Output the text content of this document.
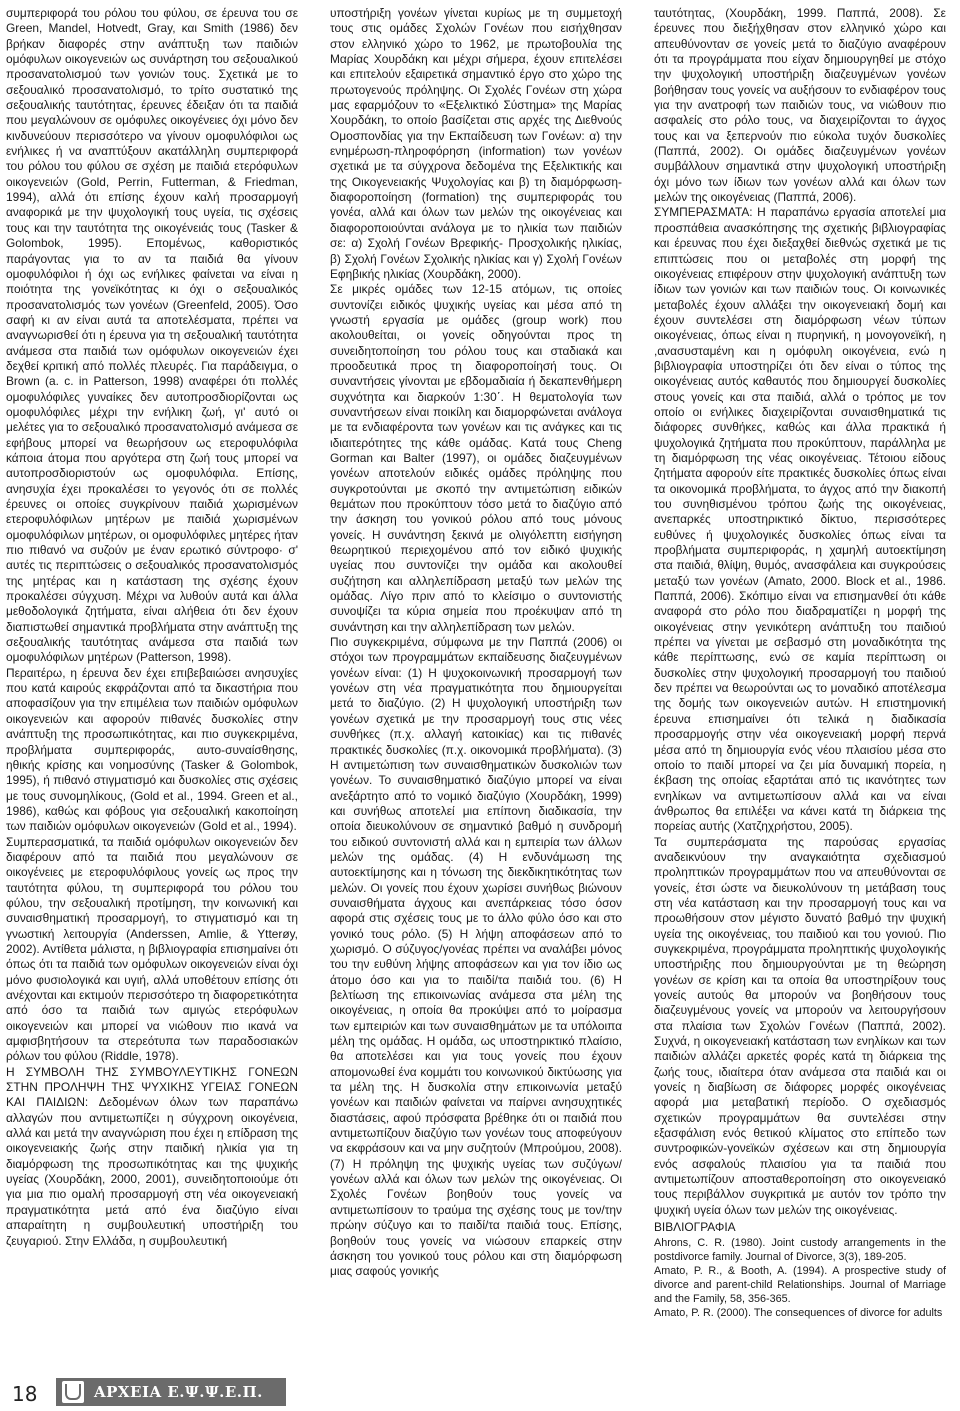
συμπεριφορά του ρόλου του φύλου, σε έρευνα του σε Green, Mandel, Hotvedt, Gray, και Smith (1986) δεν βρήκαν διαφορές στην ανάπτυξη των παιδιών ομόφυλων οικογενειών ως συνάρτηση του σεξουαλικού προσανατολισμού των γονιών τους. Σχετικά με το σεξουαλικό προσανατολισμό, το τρίτο συστατικό της σεξουαλικής ταυτότητας, έρευνες έδειξαν ότι τα παιδιά που μεγαλώνουν σε ομόφυλες οικογένειες όχι μόνο δεν κινδυνεύουν περισσότερο να γίνουν ομοφυλόφιλοι ως ενήλικες ή να αναπτύξουν ακατάλληλη συμπεριφορά του ρόλου του φύλου σε σχέση με παιδιά ετερόφυλων οικογενειών (Gold, Perrin, Futterman, & Friedman, 1994), αλλά ότι επίσης έχουν καλή προσαρμογή αναφορικά με την ψυχολογική τους υγεία, τις σχέσεις τους και την ταυτότητα της οικογένειάς τους (Tasker & Golombok, 1995). Επομένως, καθοριστικός παράγοντας για το αν τα παιδιά θα γίνουν ομοφυλόφιλοι ή όχι ως ενήλικες φαίνεται να είναι η ποιότητα της γονεϊκότητας κι όχι ο σεξουαλικός προσανατολισμός των γονέων (Greenfeld, 2005). Όσο σαφή κι αν είναι αυτά τα αποτελέσματα, πρέπει να αναγνωρισθεί ότι η έρευνα για τη σεξουαλική ταυτότητα ανάμεσα στα παιδιά των ομόφυλων οικογενειών έχει δεχθεί κριτική από πολλές πλευρές. Για παράδειγμα, ο Brown (a. c. in Patterson, 1998) αναφέρει ότι πολλές ομοφυλόφιλες γυναίκες δεν αυτοπροσδιορίζονται ως ομοφυλόφιλες μέχρι την ενήλικη ζωή, γι' αυτό οι μελέτες για το σεξουαλικό προσανατολισμό ανάμεσα σε εφήβους μπορεί να θεωρήσουν ως ετεροφυλόφιλα κάποια άτομα που αργότερα στη ζωή τους μπορεί να αυτοπροσδιοριστούν ως ομοφυλόφιλα. Επίσης, ανησυχία έχει προκαλέσει το γεγονός ότι σε πολλές έρευνες οι οποίες συγκρίνουν παιδιά χωρισμένων ετεροφυλόφιλων μητέρων με παιδιά χωρισμένων ομοφυλόφιλων μητέρων, οι ομοφυλόφιλες μητέρες ήταν πιο πιθανό να συζούν με έναν ερωτικό σύντροφο· σ' αυτές τις περιπτώσεις ο σεξουαλικός προσανατολισμός της μητέρας και η κατάσταση της σχέσης έχουν προκαλέσει σύγχυση. Μέχρι να λυθούν αυτά και άλλα μεθοδολογικά ζητήματα, είναι αλήθεια ότι δεν έχουν διαπιστωθεί σημαντικά προβλήματα στην ανάπτυξη της σεξουαλικής ταυτότητας ανάμεσα στα παιδιά των ομοφυλόφιλων μητέρων (Patterson, 1998).

Περαιτέρω, η έρευνα δεν έχει επιβεβαιώσει ανησυχίες που κατά καιρούς εκφράζονται από τα δικαστήρια που αποφασίζουν για την επιμέλεια των παιδιών ομόφυλων οικογενειών και αφορούν πιθανές δυσκολίες στην ανάπτυξη της προσωπικότητας, και πιο συγκεκριμένα, προβλήματα συμπεριφοράς, αυτο-συναίσθησης, ηθικής κρίσης και νοημοσύνης (Tasker & Golombok, 1995), ή πιθανό στιγματισμό και δυσκολίες στις σχέσεις με τους συνομηλίκους, (Gold et al., 1994. Green et al., 1986), καθώς και φόβους για σεξουαλική κακοποίηση των παιδιών ομόφυλων οικογενειών (Gold et al., 1994).

Συμπερασματικά, τα παιδιά ομόφυλων οικογενειών δεν διαφέρουν από τα παιδιά που μεγαλώνουν σε οικογένειες με ετεροφυλόφιλους γονείς ως προς την ταυτότητα φύλου, τη συμπεριφορά του ρόλου του φύλου, την σεξουαλική προτίμηση, την κοινωνική και συναισθηματική προσαρμογή, το στιγματισμό και τη γνωστική λειτουργία (Anderssen, Amlie, & Ytterøy, 2002). Αντίθετα μάλιστα, η βιβλιογραφία επισημαίνει ότι όπως ότι τα παιδιά των ομόφυλων οικογενειών είναι όχι μόνο φυσιολογικά και υγιή, αλλά υποθέτουν επίσης ότι ανέχονται και εκτιμούν περισσότερο τη διαφορετικότητα από όσο τα παιδιά των αμιγώς ετερόφυλων οικογενειών και μπορεί να νιώθουν πιο ικανά να αμφισβητήσουν τα στερεότυπα των παραδοσιακών ρόλων του φύλου (Riddle, 1978).

Η ΣΥΜΒΟΛΗ ΤΗΣ ΣΥΜΒΟΥΛΕΥΤΙΚΗΣ ΓΟΝΕΩΝ ΣΤΗΝ ΠΡΟΛΗΨΗ ΤΗΣ ΨΥΧΙΚΗΣ ΥΓΕΙΑΣ ΓΟΝΕΩΝ ΚΑΙ ΠΑΙΔΙΩΝ: Δεδομένων όλων των παραπάνω αλλαγών που αντιμετωπίζει η σύγχρονη οικογένεια, αλλά και μετά την αναγνώριση που έχει η επίδραση της οικογενειακής ζωής στην παιδική ηλικία για τη διαμόρφωση της προσωπικότητας και της ψυχικής υγείας (Χουρδάκη, 2000, 2001), συνειδητοποιούμε ότι για μια πιο ομαλή προσαρμογή στη νέα οικογενειακή πραγματικότητα μετά από ένα διαζύγιο είναι απαραίτητη η συμβουλευτική υποστήριξη του ζευγαριού. Στην Ελλάδα, η συμβουλευτική

υποστήριξη γονέων γίνεται κυρίως με τη συμμετοχή τους στις ομάδες Σχολών Γονέων που εισήχθησαν στον ελληνικό χώρο το 1962, με πρωτοβουλία της Μαρίας Χουρδάκη και μέχρι σήμερα, έχουν επιτελέσει και επιτελούν εξαιρετικά σημαντικό έργο στο χώρο της πρωτογενούς πρόληψης. Οι Σχολές Γονέων στη χώρα μας εφαρμόζουν το «Εξελικτικό Σύστημα» της Μαρίας Χουρδάκη, το οποίο βασίζεται στις αρχές της Διεθνούς Ομοσπονδίας για την Εκπαίδευση των Γονέων: α) την ενημέρωση-πληροφόρηση (information) των γονέων σχετικά με τα σύγχρονα δεδομένα της Εξελικτικής και της Οικογενειακής Ψυχολογίας και β) τη διαμόρφωση-διαφοροποίηση (formation) της συμπεριφοράς του γονέα, αλλά και όλων των μελών της οικογένειας και διαφοροποιούνται ανάλογα με το ηλικία των παιδιών σε: α) Σχολή Γονέων Βρεφικής- Προσχολικής ηλικίας, β) Σχολή Γονέων Σχολικής ηλικίας και γ) Σχολή Γονέων Εφηβικής ηλικίας (Χουρδάκη, 2000).

Σε μικρές ομάδες των 12-15 ατόμων, τις οποίες συντονίζει ειδικός ψυχικής υγείας και μέσα από τη γνωστή εργασία με ομάδες (group work) που ακολουθείται, οι γονείς οδηγούνται προς τη συνειδητοποίηση του ρόλου τους και σταδιακά και προοδευτικά προς τη διαφοροποίησή τους. Οι συναντήσεις γίνονται με εβδομαδιαία ή δεκαπενθήμερη συχνότητα και διαρκούν 1:30΄. Η θεματολογία των συναντήσεων είναι ποικίλη και διαμορφώνεται ανάλογα με τα ενδιαφέροντα των γονέων και τις ανάγκες και τις ιδιαιτερότητες της κάθε ομάδας. Κατά τους Cheng Gorman και Balter (1997), οι ομάδες διαζευγμένων γονέων αποτελούν ειδικές ομάδες πρόληψης που συγκροτούνται με σκοπό την αντιμετώπιση ειδικών θεμάτων που προκύπτουν τόσο μετά το διαζύγιο από την άσκηση του γονικού ρόλου από τους μόνους γονείς. Η συνάντηση ξεκινά με ολιγόλεπτη εισήγηση θεωρητικού περιεχομένου από τον ειδικό ψυχικής υγείας που συντονίζει την ομάδα και ακολουθεί συζήτηση και αλληλεπίδραση μεταξύ των μελών της ομάδας. Λίγο πριν από το κλείσιμο ο συντονιστής συνοψίζει τα κύρια σημεία που προέκυψαν από τη συνάντηση και την αλληλεπίδραση των μελών.

Πιο συγκεκριμένα, σύμφωνα με την Παππά (2006) οι στόχοι των προγραμμάτων εκπαίδευσης διαζευγμένων γονέων είναι: (1) Η ψυχοκοινωνική προσαρμογή των γονέων στη νέα πραγματικότητα που δημιουργείται μετά το διαζύγιο. (2) Η ψυχολογική υποστήριξη των γονέων σχετικά με την προσαρμογή τους στις νέες συνθήκες (π.χ. αλλαγή κατοικίας) και τις πιθανές πρακτικές δυσκολίες (π.χ. οικονομικά προβλήματα). (3) Η αντιμετώπιση των συναισθηματικών δυσκολιών των γονέων. Το συναισθηματικό διαζύγιο μπορεί να είναι ανεξάρτητο από το νομικό διαζύγιο (Χουρδάκη, 1999) και συνήθως αποτελεί μια επίπονη διαδικασία, την οποία διευκολύνουν σε σημαντικό βαθμό η συνδρομή του ειδικού συντονιστή αλλά και η εμπειρία των άλλων μελών της ομάδας. (4) Η ενδυνάμωση της αυτοεκτίμησης και η τόνωση της διεκδικητικότητας των μελών. Οι γονείς που έχουν χωρίσει συνήθως βιώνουν συναισθήματα άγχους και ανεπάρκειας τόσο όσον αφορά στις σχέσεις τους με το άλλο φύλο όσο και στο γονικό τους ρόλο. (5) Η λήψη αποφάσεων από το χωρισμό. Ο σύζυγος/γονέας πρέπει να αναλάβει μόνος του την ευθύνη λήψης αποφάσεων και για τον ίδιο ως άτομο όσο και για το παιδί/τα παιδιά του. (6) Η βελτίωση της επικοινωνίας ανάμεσα στα μέλη της οικογένειας, η οποία θα προκύψει από το μοίρασμα των εμπειριών και των συναισθημάτων με τα υπόλοιπα μέλη της ομάδας. Η ομάδα, ως υποστηρικτικό πλαίσιο, θα αποτελέσει και για τους γονείς που έχουν απομονωθεί ένα κομμάτι του κοινωνικού δικτύωσης για τα μέλη της. Η δυσκολία στην επικοινωνία μεταξύ γονέων και παιδιών φαίνεται να παίρνει ανησυχητικές διαστάσεις, αφού πρόσφατα βρέθηκε ότι οι παιδιά που αντιμετωπίζουν διαζύγιο των γονέων τους αποφεύγουν να εκφράσουν και να μην συζητούν (Μπρούμου, 2008). (7) Η πρόληψη της ψυχικής υγείας των συζύγων/γονέων αλλά και όλων των μελών της οικογένειας. Οι Σχολές Γονέων βοηθούν τους γονείς να αντιμετωπίσουν το τραύμα της σχέσης τους με τον/την πρώην σύζυγο και το παιδί/τα παιδιά τους. Επίσης, βοηθούν τους γονείς να νιώσουν επαρκείς στην άσκηση του γονικού τους ρόλου και στη διαμόρφωση μιας σαφούς γονικής

ταυτότητας, (Χουρδάκη, 1999. Παππά, 2008). Σε έρευνες που διεξήχθησαν στον ελληνικό χώρο και απευθύνονταν σε γονείς μετά το διαζύγιο αναφέρουν ότι τα προγράμματα που είχαν δημιουργηθεί με στόχο την ψυχολογική υποστήριξη διαζευγμένων γονέων βοήθησαν τους γονείς να αυξήσουν το ενδιαφέρον τους για την ανατροφή των παιδιών τους, να νιώθουν πιο ασφαλείς στο ρόλο τους, να διαχειρίζονται το άγχος τους και να ξεπερνούν πιο εύκολα τυχόν δυσκολίες (Παππά, 2002). Οι ομάδες διαζευγμένων γονέων συμβάλλουν σημαντικά στην ψυχολογική υποστήριξη όχι μόνο των ίδιων των γονέων αλλά και όλων των μελών της οικογένειας (Παππά, 2006).

ΣΥΜΠΕΡΑΣΜΑΤΑ: Η παραπάνω εργασία αποτελεί μια προσπάθεια ανασκόπησης της σχετικής βιβλιογραφίας και έρευνας που έχει διεξαχθεί διεθνώς σχετικά με τις επιπτώσεις που οι μεταβολές στη μορφή της οικογένειας επιφέρουν στην ψυχολογική ανάπτυξη των ίδιων των γονιών και των παιδιών τους. Οι κοινωνικές μεταβολές έχουν αλλάξει την οικογενειακή δομή και έχουν συντελέσει στη διαμόρφωση νέων τύπων οικογένειας, όπως είναι η πυρηνική, η μονογονεϊκή, η ,ανασυσταμένη και η ομόφυλη οικογένεια, ενώ η βιβλιογραφία υποστηρίζει ότι δεν είναι ο τύπος της οικογένειας αυτός καθαυτός που δημιουργεί δυσκολίες στους γονείς και στα παιδιά, αλλά ο τρόπος με τον οποίο οι ενήλικες διαχειρίζονται συναισθηματικά τις διάφορες συνθήκες, καθώς και άλλα πρακτικά ή ψυχολογικά ζητήματα που προκύπτουν, παράλληλα με τη διαμόρφωση της νέας οικογένειας. Τέτοιου είδους ζητήματα αφορούν είτε πρακτικές δυσκολίες όπως είναι τα οικονομικά προβλήματα, το άγχος από την διακοπή του συνηθισμένου τρόπου ζωής της οικογένειας, ανεπαρκές υποστηρικτικό δίκτυο, περισσότερες ευθύνες ή ψυχολογικές δυσκολίες όπως είναι τα προβλήματα συμπεριφοράς, η χαμηλή αυτοεκτίμηση στα παιδιά, θλίψη, θυμός, ανασφάλεια και συγκρούσεις μεταξύ των γονέων (Amato, 2000. Block et al., 1986. Παππά, 2006). Σκόπιμο είναι να επισημανθεί ότι κάθε αναφορά στο ρόλο που διαδραματίζει η μορφή της οικογένειας στην γενικότερη ανάπτυξη του παιδιού πρέπει να γίνεται με σεβασμό στη μοναδικότητα της κάθε περίπτωσης, ενώ σε καμία περίπτωση οι δυσκολίες στην ψυχολογική προσαρμογή του παιδιού δεν πρέπει να θεωρούνται ως το μοναδικό αποτέλεσμα της δομής των οικογενειών αυτών. Η επιστημονική έρευνα επισημαίνει ότι τελικά η διαδικασία προσαρμογής στην νέα οικογενειακή μορφή περνά μέσα από τη δημιουργία ενός νέου πλαισίου μέσα στο οποίο το παιδί μπορεί να ζει μία δυναμική πορεία, η έκβαση της οποίας εξαρτάται από τις ικανότητες των ενηλίκων να αντιμετωπίσουν αλλά και να είναι άνθρωπος θα επιλέξει να κάνει κατά τη διάρκεια της πορείας αυτής (Χατζηχρήστου, 2005).

Τα συμπεράσματα της παρούσας εργασίας αναδεικνύουν την αναγκαιότητα σχεδιασμού προληπτικών προγραμμάτων που να απευθύνονται σε γονείς, έτσι ώστε να διευκολύνουν τη μετάβαση τους στη νέα κατάσταση και την προσαρμογή τους και να προωθήσουν στον μέγιστο δυνατό βαθμό την ψυχική υγεία της οικογένειας, του παιδιού και του γονιού. Πιο συγκεκριμένα, προγράμματα προληπτικής ψυχολογικής υποστήριξης που δημιουργούνται με τη θεώρηση γονέων σε κρίση και τα οποία θα υποστηρίξουν τους γονείς αυτούς θα μπορούν να βοηθήσουν τους διαζευγμένους γονείς να μπορούν να λειτουργήσουν στα πλαίσια των Σχολών Γονέων (Παππά, 2002). Συχνά, η οικογενειακή κατάσταση των ενηλίκων και των παιδιών αλλάζει αρκετές φορές κατά τη διάρκεια της ζωής τους, ιδιαίτερα όταν ανάμεσα στα παιδιά και οι γονείς η διαβίωση σε διάφορες μορφές οικογένειας αφορά μια μεταβατική περίοδο. Ο σχεδιασμός σχετικών προγραμμάτων θα συντελέσει στην εξασφάλιση ενός θετικού κλίματος στο επίπεδο των συντροφικών-γονεϊκών σχέσεων και στη δημιουργία ενός ασφαλούς πλαισίου για τα παιδιά που αντιμετωπίζουν αποσταθεροποίηση στο οικογενειακό τους περιβάλλον συγκριτικά με αυτόν τον τρόπο την ψυχική υγεία όλων των μελών της οικογένειας.

ΒΙΒΛΙΟΓΡΑΦΙΑ

Ahrons, C. R. (1980). Joint custody arrangements in the postdivorce family. Journal of Divorce, 3(3), 189-205.

Amato, P. R., & Booth, A. (1994). A prospective study of divorce and parent-child Relationships. Journal of Marriage and the Family, 58, 356-365.

Amato, P. R. (2000). The consequences of divorce for adults

18	ΑΡΧΕΙΑ Ε.Ψ.Ψ.Ε.Π.
